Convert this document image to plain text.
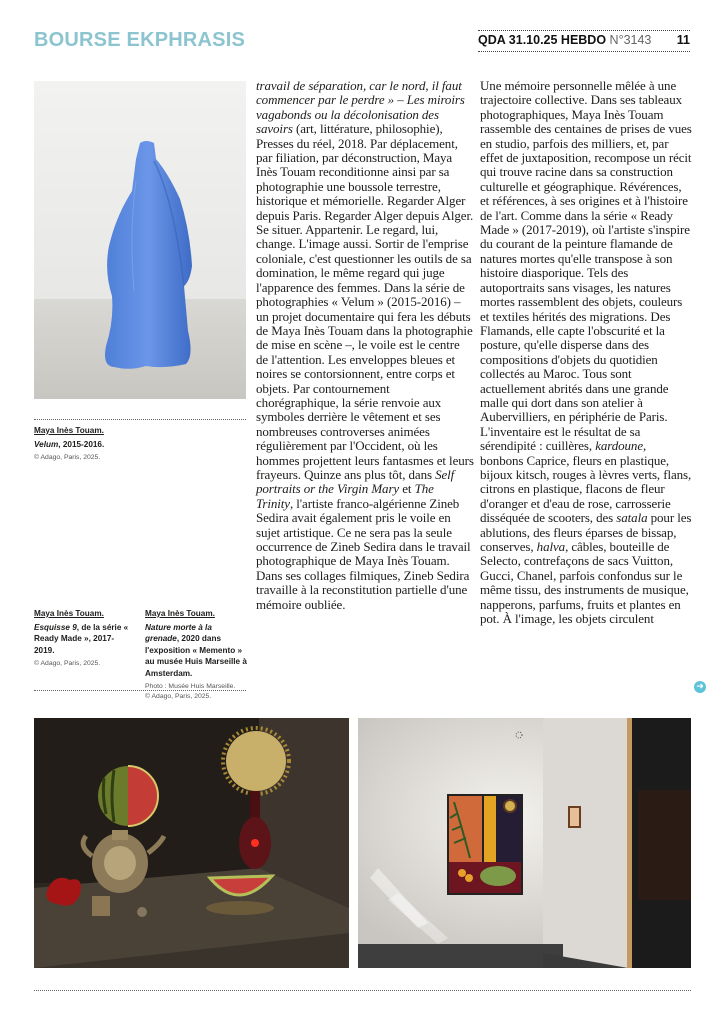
BOURSE EKPHRASIS	QDA 31.10.25 HEBDO N°3143 11
Maya Inès Touam.
Velum, 2015-2016.
© Adago, Paris, 2025.
Maya Inès Touam.
Esquisse 9, de la série « Ready Made », 2017-2019.
© Adago, Paris, 2025.
Maya Inès Touam.
Nature morte à la grenade, 2020 dans l'exposition « Memento » au musée Huis Marseille à Amsterdam.
Photo : Musée Huis Marseille.
© Adago, Paris, 2025.

travail de séparation, car le nord, il faut commencer par le perdre » – Les miroirs vagabonds ou la décolonisation des savoirs (art, littérature, philosophie), Presses du réel, 2018. Par déplacement, par filiation, par déconstruction, Maya Inès Touam reconditionne ainsi par sa photographie une boussole terrestre, historique et mémorielle. Regarder Alger depuis Paris. Regarder Alger depuis Alger. Se situer. Appartenir. Le regard, lui, change. L'image aussi. Sortir de l'emprise coloniale, c'est questionner les outils de sa domination, le même regard qui juge l'apparence des femmes. Dans la série de photographies « Velum » (2015-2016) – un projet documentaire qui fera les débuts de Maya Inès Touam dans la photographie de mise en scène –, le voile est le centre de l'attention. Les enveloppes bleues et noires se contorsionnent, entre corps et objets. Par contournement chorégraphique, la série renvoie aux symboles derrière le vêtement et ses nombreuses controverses animées régulièrement par l'Occident, où les hommes projettent leurs fantasmes et leurs frayeurs. Quinze ans plus tôt, dans Self portraits or the Virgin Mary et The Trinity, l'artiste franco-algérienne Zineb Sedira avait également pris le voile en sujet artistique. Ce ne sera pas la seule occurrence de Zineb Sedira dans le travail photographique de Maya Inès Touam. Dans ses collages filmiques, Zineb Sedira travaille à la reconstitution partielle d'une mémoire oubliée.

Une mémoire personnelle mêlée à une trajectoire collective. Dans ses tableaux photographiques, Maya Inès Touam rassemble des centaines de prises de vues en studio, parfois des milliers, et, par effet de juxtaposition, recompose un récit qui trouve racine dans sa construction culturelle et géographique. Révérences, et références, à ses origines et à l'histoire de l'art. Comme dans la série « Ready Made » (2017-2019), où l'artiste s'inspire du courant de la peinture flamande de natures mortes qu'elle transpose à son histoire diasporique. Tels des autoportraits sans visages, les natures mortes rassemblent des objets, couleurs et textiles hérités des migrations. Des Flamands, elle capte l'obscurité et la posture, qu'elle disperse dans des compositions d'objets du quotidien collectés au Maroc. Tous sont actuellement abrités dans une grande malle qui dort dans son atelier à Aubervilliers, en périphérie de Paris. L'inventaire est le résultat de sa sérendipité : cuillères, kardoune, bonbons Caprice, fleurs en plastique, bijoux kitsch, rouges à lèvres verts, flans, citrons en plastique, flacons de fleur d'oranger et d'eau de rose, carrosserie disséquée de scooters, des satala pour les ablutions, des fleurs éparses de bissap, conserves, halva, câbles, bouteille de Selecto, contrefaçons de sacs Vuitton, Gucci, Chanel, parfois confondus sur le même tissu, des instruments de musique, napperons, parfums, fruits et plantes en pot. À l'image, les objets circulent

➜
